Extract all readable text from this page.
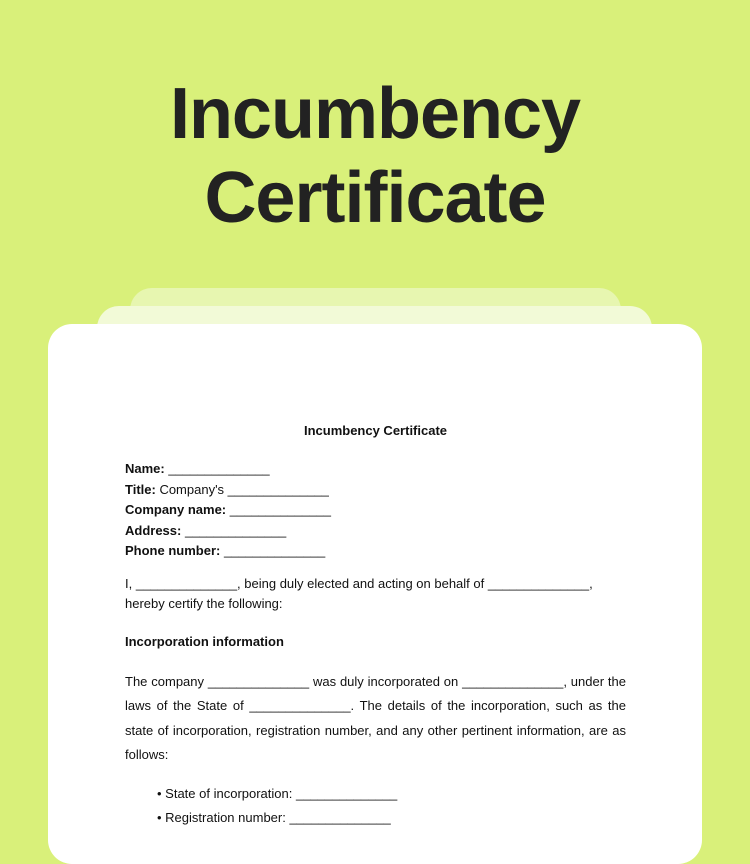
Incumbency
Certificate
Incumbency Certificate
Name: ______________
Title: Company's ______________
Company name: ______________
Address: ______________
Phone number: ______________
I, ______________, being duly elected and acting on behalf of ______________, hereby certify the following:
Incorporation information
The company ______________ was duly incorporated on ______________, under the laws of the State of ______________. The details of the incorporation, such as the state of incorporation, registration number, and any other pertinent information, are as follows:
• State of incorporation: ______________
• Registration number: ______________
